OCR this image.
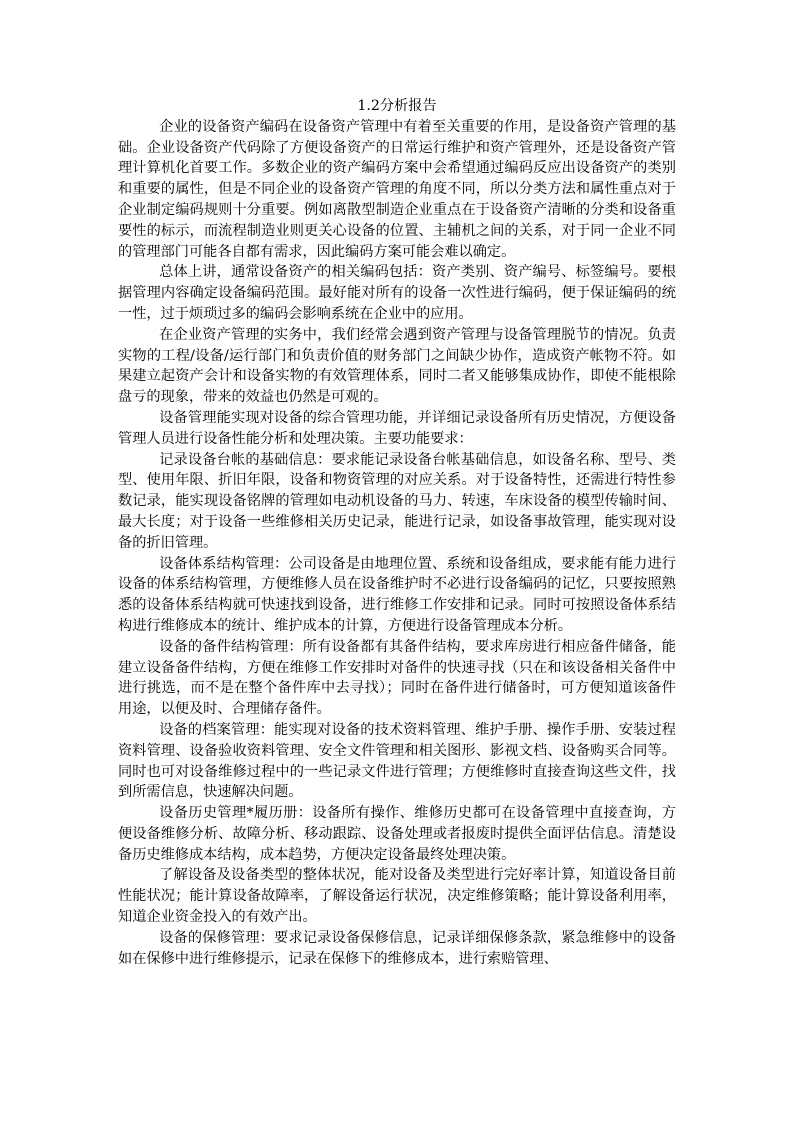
1.2分析报告

企业的设备资产编码在设备资产管理中有着至关重要的作用，是设备资产管理的基础。企业设备资产代码除了方便设备资产的日常运行维护和资产管理外，还是设备资产管理计算机化首要工作。多数企业的资产编码方案中会希望通过编码反应出设备资产的类别和重要的属性，但是不同企业的设备资产管理的角度不同，所以分类方法和属性重点对于企业制定编码规则十分重要。例如离散型制造企业重点在于设备资产清晰的分类和设备重要性的标示，而流程制造业则更关心设备的位置、主辅机之间的关系，对于同一企业不同的管理部门可能各自都有需求，因此编码方案可能会难以确定。

总体上讲，通常设备资产的相关编码包括：资产类别、资产编号、标签编号。要根据管理内容确定设备编码范围。最好能对所有的设备一次性进行编码，便于保证编码的统一性，过于烦琐过多的编码会影响系统在企业中的应用。

在企业资产管理的实务中，我们经常会遇到资产管理与设备管理脱节的情况。负责实物的工程/设备/运行部门和负责价值的财务部门之间缺少协作，造成资产帐物不符。如果建立起资产会计和设备实物的有效管理体系，同时二者又能够集成协作，即使不能根除盘亏的现象，带来的效益也仍然是可观的。

设备管理能实现对设备的综合管理功能，并详细记录设备所有历史情况，方便设备管理人员进行设备性能分析和处理决策。主要功能要求：

记录设备台帐的基础信息：要求能记录设备台帐基础信息，如设备名称、型号、类型、使用年限、折旧年限，设备和物资管理的对应关系。对于设备特性，还需进行特性参数记录，能实现设备铭牌的管理如电动机设备的马力、转速，车床设备的模型传输时间、最大长度；对于设备一些维修相关历史记录，能进行记录，如设备事故管理，能实现对设备的折旧管理。

设备体系结构管理：公司设备是由地理位置、系统和设备组成，要求能有能力进行设备的体系结构管理，方便维修人员在设备维护时不必进行设备编码的记忆，只要按照熟悉的设备体系结构就可快速找到设备，进行维修工作安排和记录。同时可按照设备体系结构进行维修成本的统计、维护成本的计算，方便进行设备管理成本分析。

设备的备件结构管理：所有设备都有其备件结构，要求库房进行相应备件储备，能建立设备备件结构，方便在维修工作安排时对备件的快速寻找（只在和该设备相关备件中进行挑选，而不是在整个备件库中去寻找）；同时在备件进行储备时，可方便知道该备件用途，以便及时、合理储存备件。

设备的档案管理：能实现对设备的技术资料管理、维护手册、操作手册、安装过程资料管理、设备验收资料管理、安全文件管理和相关图形、影视文档、设备购买合同等。同时也可对设备维修过程中的一些记录文件进行管理；方便维修时直接查询这些文件，找到所需信息，快速解决问题。

设备历史管理*履历册：设备所有操作、维修历史都可在设备管理中直接查询，方便设备维修分析、故障分析、移动跟踪、设备处理或者报废时提供全面评估信息。清楚设备历史维修成本结构，成本趋势，方便决定设备最终处理决策。

了解设备及设备类型的整体状况，能对设备及类型进行完好率计算，知道设备目前性能状况；能计算设备故障率，了解设备运行状况，决定维修策略；能计算设备利用率，知道企业资金投入的有效产出。

设备的保修管理：要求记录设备保修信息，记录详细保修条款，紧急维修中的设备如在保修中进行维修提示，记录在保修下的维修成本，进行索赔管理、
